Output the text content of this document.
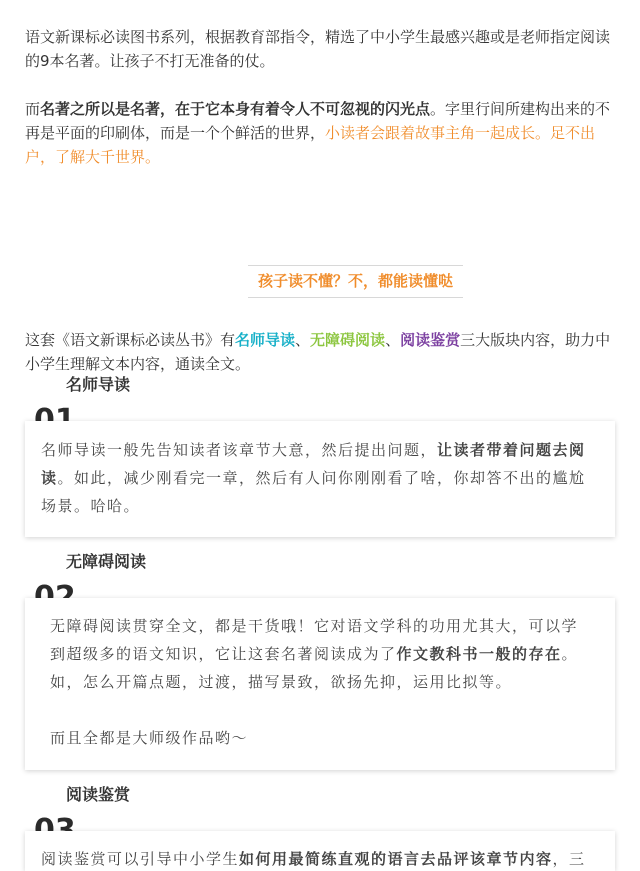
语文新课标必读图书系列，根据教育部指令，精选了中小学生最感兴趣或是老师指定阅读的9本名著。让孩子不打无准备的仗。
而名著之所以是名著，在于它本身有着令人不可忽视的闪光点。字里行间所建构出来的不再是平面的印刷体，而是一个个鲜活的世界，小读者会跟着故事主角一起成长。足不出户，了解大千世界。
孩子读不懂？不，都能读懂哒
这套《语文新课标必读丛书》有名师导读、无障碍阅读、阅读鉴赏三大版块内容，助力中小学生理解文本内容，通读全文。
名师导读
名师导读一般先告知读者该章节大意，然后提出问题，让读者带着问题去阅读。如此，减少刚看完一章，然后有人问你刚刚看了啥，你却答不出的尴尬场景。哈哈。
无障碍阅读
无障碍阅读贯穿全文，都是干货哦！它对语文学科的功用尤其大，可以学到超级多的语文知识，它让这套名著阅读成为了作文教科书一般的存在。如，怎么开篇点题，过渡，描写景致，欲扬先抑，运用比拟等。
而且全都是大师级作品哟～
阅读鉴赏
阅读鉴赏可以引导中小学生如何用最简练直观的语言去品评该章节内容，三
